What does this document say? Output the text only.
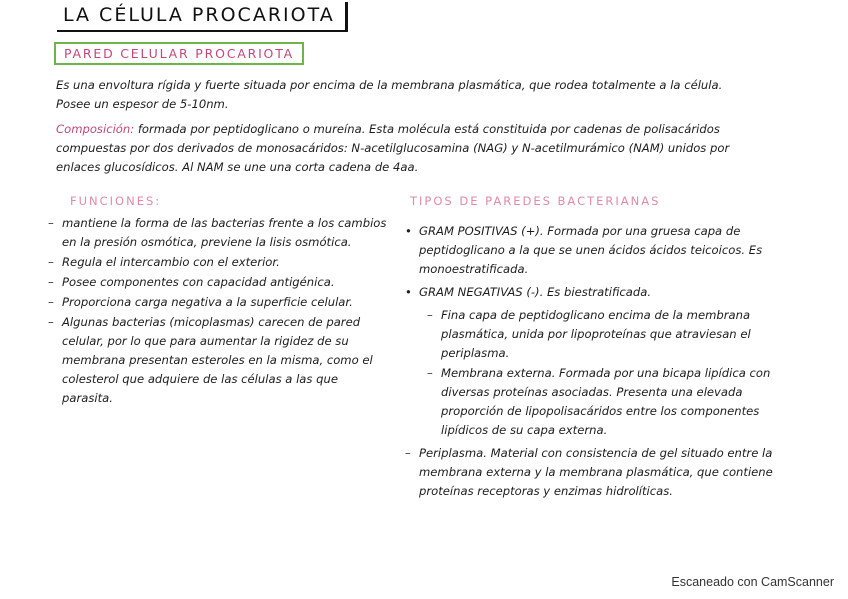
LA CÉLULA PROCARIOTA
PARED CELULAR PROCARIOTA
Es una envoltura rígida y fuerte situada por encima de la membrana plasmática, que rodea totalmente a la célula. Posee un espesor de 5-10nm.
Composición: formada por peptidoglicano o mureína. Esta molécula está constituida por cadenas de polisacáridos compuestas por dos derivados de monosacáridos: N-acetilglucosamina (NAG) y N-acetilmurámico (NAM) unidos por enlaces glucosídicos. Al NAM se une una corta cadena de 4aa.
FUNCIONES:	TIPOS DE PAREDES BACTERIANAS
– mantiene la forma de las bacterias frente a los cambios en la presión osmótica, previene la lisis osmótica.
– Regula el intercambio con el exterior.
– Posee componentes con capacidad antigénica.
– Proporciona carga negativa a la superficie celular.
– Algunas bacterias (micoplasmas) carecen de pared celular, por lo que para aumentar la rigidez de su membrana presentan esteroles en la misma, como el colesterol que adquiere de las células a las que parasita.
• GRAM POSITIVAS (+). Formada por una gruesa capa de peptidoglicano a la que se unen ácidos ácidos teicoicos. Es monoestratificada.
• GRAM NEGATIVAS (-). Es biestratificada.
– Fina capa de peptidoglicano encima de la membrana plasmática, unida por lipoproteínas que atraviesan el periplasma.
– Membrana externa. Formada por una bicapa lipídica con diversas proteínas asociadas. Presenta una elevada proporción de lipopolisacáridos entre los componentes lipídicos de su capa externa.
– Periplasma. Material con consistencia de gel situado entre la membrana externa y la membrana plasmática, que contiene proteínas receptoras y enzimas hidrolíticas.
Escaneado con CamScanner
